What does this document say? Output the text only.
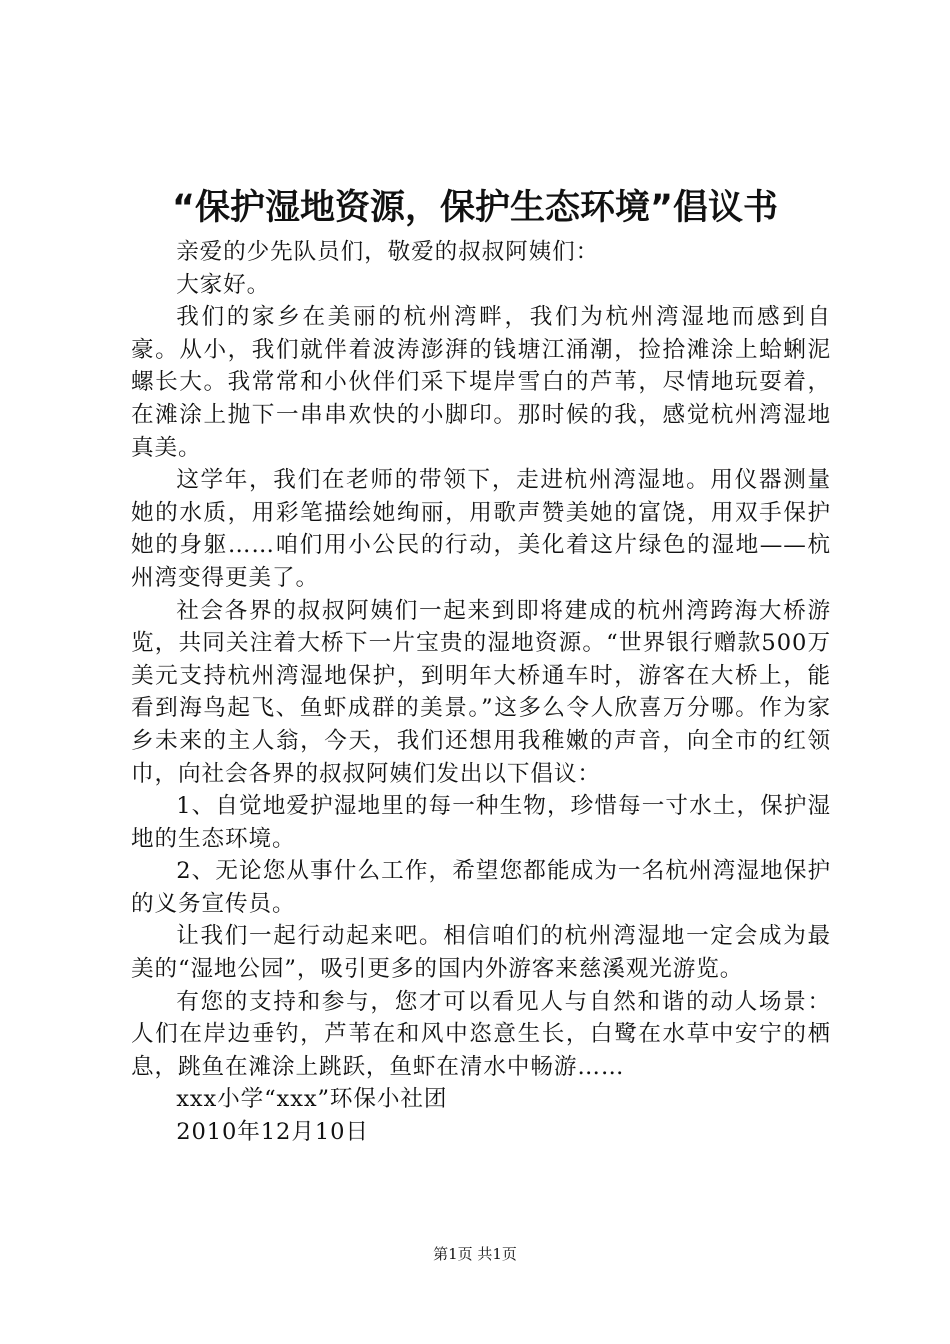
“保护湿地资源，保护生态环境”倡议书

亲爱的少先队员们，敬爱的叔叔阿姨们：

大家好。

我们的家乡在美丽的杭州湾畔，我们为杭州湾湿地而感到自豪。从小，我们就伴着波涛澎湃的钱塘江涌潮，捡拾滩涂上蛤蜊泥螺长大。我常常和小伙伴们采下堤岸雪白的芦苇，尽情地玩耍着，在滩涂上抛下一串串欢快的小脚印。那时候的我，感觉杭州湾湿地真美。

这学年，我们在老师的带领下，走进杭州湾湿地。用仪器测量她的水质，用彩笔描绘她绚丽，用歌声赞美她的富饶，用双手保护她的身躯……咱们用小公民的行动，美化着这片绿色的湿地——杭州湾变得更美了。

社会各界的叔叔阿姨们一起来到即将建成的杭州湾跨海大桥游览，共同关注着大桥下一片宝贵的湿地资源。“世界银行赠款500万美元支持杭州湾湿地保护，到明年大桥通车时，游客在大桥上，能看到海鸟起飞、鱼虾成群的美景。”这多么令人欣喜万分哪。作为家乡未来的主人翁，今天，我们还想用我稚嫩的声音，向全市的红领巾，向社会各界的叔叔阿姨们发出以下倡议：

1、自觉地爱护湿地里的每一种生物，珍惜每一寸水土，保护湿地的生态环境。

2、无论您从事什么工作，希望您都能成为一名杭州湾湿地保护的义务宣传员。

让我们一起行动起来吧。相信咱们的杭州湾湿地一定会成为最美的“湿地公园”，吸引更多的国内外游客来慈溪观光游览。

有您的支持和参与，您才可以看见人与自然和谐的动人场景：人们在岸边垂钓，芦苇在和风中恣意生长，白鹭在水草中安宁的栖息，跳鱼在滩涂上跳跃，鱼虾在清水中畅游……

xxx小学“xxx”环保小社团

2010年12月10日

第1页 共1页
